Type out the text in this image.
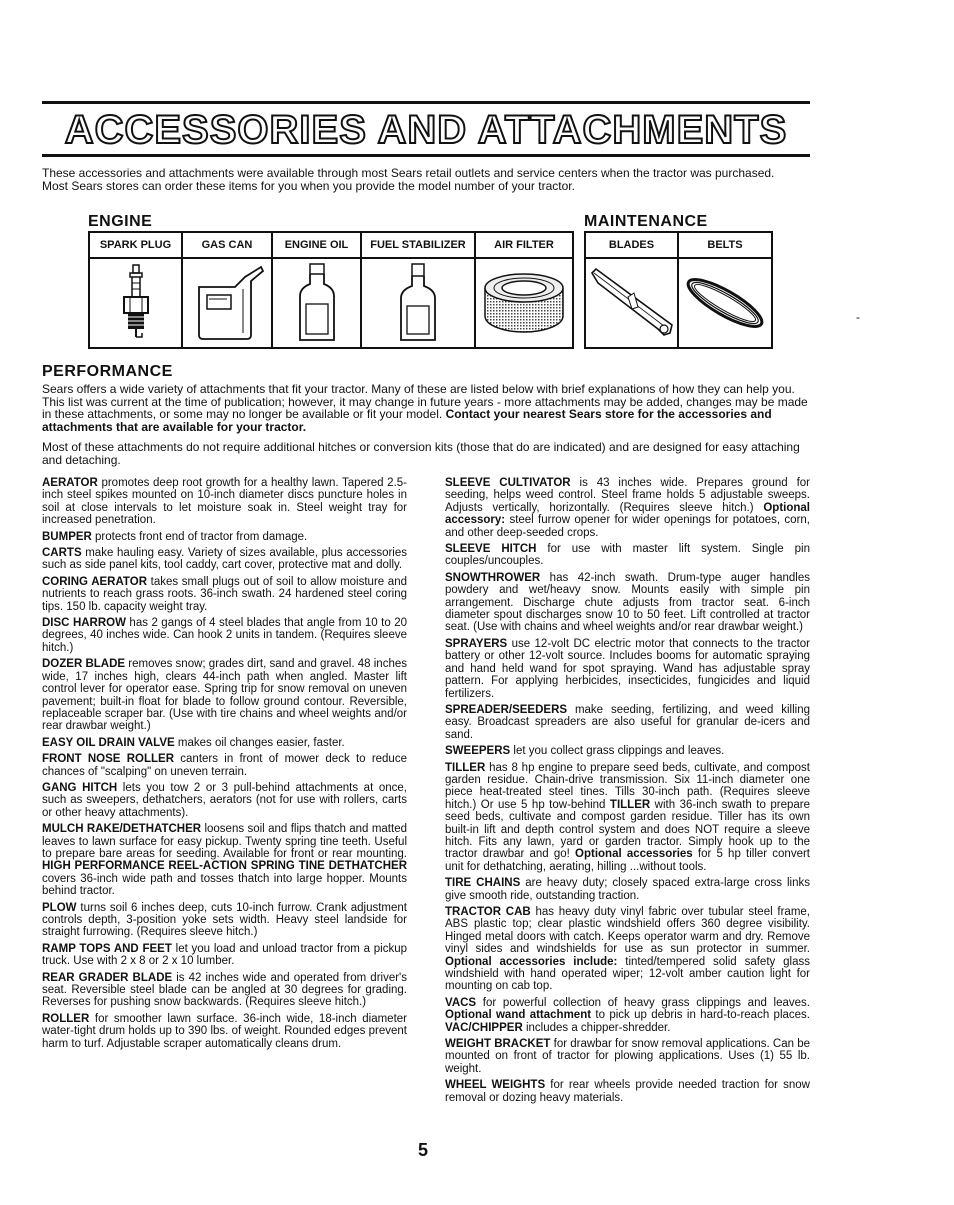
ACCESSORIES AND ATTACHMENTS
These accessories and attachments were available through most Sears retail outlets and service centers when the tractor was purchased.
Most Sears stores can order these items for you when you provide the model number of your tractor.
ENGINE	MAINTENANCE
SPARK PLUG	GAS CAN	ENGINE OIL	FUEL STABILIZER	AIR FILTER

		BLADES	BELTS

-
PERFORMANCE

Sears offers a wide variety of attachments that fit your tractor. Many of these are listed below with brief explanations of how they can help you. This list was current at the time of publication; however, it may change in future years - more attachments may be added, changes may be made in these attachments, or some may no longer be available or fit your model. Contact your nearest Sears store for the accessories and attachments that are available for your tractor.

Most of these attachments do not require additional hitches or conversion kits (those that do are indicated) and are designed for easy attaching and detaching.

AERATOR promotes deep root growth for a healthy lawn. Tapered 2.5-inch steel spikes mounted on 10-inch diameter discs puncture holes in soil at close intervals to let moisture soak in. Steel weight tray for increased penetration.

BUMPER protects front end of tractor from damage.

CARTS make hauling easy. Variety of sizes available, plus accessories such as side panel kits, tool caddy, cart cover, protective mat and dolly.

CORING AERATOR takes small plugs out of soil to allow moisture and nutrients to reach grass roots. 36-inch swath. 24 hardened steel coring tips. 150 lb. capacity weight tray.

DISC HARROW has 2 gangs of 4 steel blades that angle from 10 to 20 degrees, 40 inches wide. Can hook 2 units in tandem. (Requires sleeve hitch.)

DOZER BLADE removes snow; grades dirt, sand and gravel. 48 inches wide, 17 inches high, clears 44-inch path when angled. Master lift control lever for operator ease. Spring trip for snow removal on uneven pavement; built-in float for blade to follow ground contour. Reversible, replaceable scraper bar. (Use with tire chains and wheel weights and/or rear drawbar weight.)

EASY OIL DRAIN VALVE makes oil changes easier, faster.

FRONT NOSE ROLLER canters in front of mower deck to reduce chances of "scalping" on uneven terrain.

GANG HITCH lets you tow 2 or 3 pull-behind attachments at once, such as sweepers, dethatchers, aerators (not for use with rollers, carts or other heavy attachments).

MULCH RAKE/DETHATCHER loosens soil and flips thatch and matted leaves to lawn surface for easy pickup. Twenty spring tine teeth. Useful to prepare bare areas for seeding. Available for front or rear mounting. HIGH PERFORMANCE REEL-ACTION SPRING TINE DETHATCHER covers 36-inch wide path and tosses thatch into large hopper. Mounts behind tractor.

PLOW turns soil 6 inches deep, cuts 10-inch furrow. Crank adjustment controls depth, 3-position yoke sets width. Heavy steel landside for straight furrowing. (Requires sleeve hitch.)

RAMP TOPS AND FEET let you load and unload tractor from a pickup truck. Use with 2 x 8 or 2 x 10 lumber.

REAR GRADER BLADE is 42 inches wide and operated from driver's seat. Reversible steel blade can be angled at 30 degrees for grading. Reverses for pushing snow backwards. (Requires sleeve hitch.)

ROLLER for smoother lawn surface. 36-inch wide, 18-inch diameter water-tight drum holds up to 390 lbs. of weight. Rounded edges prevent harm to turf. Adjustable scraper automatically cleans drum.

SLEEVE CULTIVATOR is 43 inches wide. Prepares ground for seeding, helps weed control. Steel frame holds 5 adjustable sweeps. Adjusts vertically, horizontally. (Requires sleeve hitch.) Optional accessory: steel furrow opener for wider openings for potatoes, corn, and other deep-seeded crops.

SLEEVE HITCH for use with master lift system. Single pin couples/uncouples.

SNOWTHROWER has 42-inch swath. Drum-type auger handles powdery and wet/heavy snow. Mounts easily with simple pin arrangement. Discharge chute adjusts from tractor seat. 6-inch diameter spout discharges snow 10 to 50 feet. Lift controlled at tractor seat. (Use with chains and wheel weights and/or rear drawbar weight.)

SPRAYERS use 12-volt DC electric motor that connects to the tractor battery or other 12-volt source. Includes booms for automatic spraying and hand held wand for spot spraying. Wand has adjustable spray pattern. For applying herbicides, insecticides, fungicides and liquid fertilizers.

SPREADER/SEEDERS make seeding, fertilizing, and weed killing easy. Broadcast spreaders are also useful for granular de-icers and sand.

SWEEPERS let you collect grass clippings and leaves.

TILLER has 8 hp engine to prepare seed beds, cultivate, and compost garden residue. Chain-drive transmission. Six 11-inch diameter one piece heat-treated steel tines. Tills 30-inch path. (Requires sleeve hitch.) Or use 5 hp tow-behind TILLER with 36-inch swath to prepare seed beds, cultivate and compost garden residue. Tiller has its own built-in lift and depth control system and does NOT require a sleeve hitch. Fits any lawn, yard or garden tractor. Simply hook up to the tractor drawbar and go! Optional accessories for 5 hp tiller convert unit for dethatching, aerating, hilling ...without tools.

TIRE CHAINS are heavy duty; closely spaced extra-large cross links give smooth ride, outstanding traction.

TRACTOR CAB has heavy duty vinyl fabric over tubular steel frame, ABS plastic top; clear plastic windshield offers 360 degree visibility. Hinged metal doors with catch. Keeps operator warm and dry. Remove vinyl sides and windshields for use as sun protector in summer. Optional accessories include: tinted/tempered solid safety glass windshield with hand operated wiper; 12-volt amber caution light for mounting on cab top.

VACS for powerful collection of heavy grass clippings and leaves. Optional wand attachment to pick up debris in hard-to-reach places. VAC/CHIPPER includes a chipper-shredder.

WEIGHT BRACKET for drawbar for snow removal applications. Can be mounted on front of tractor for plowing applications. Uses (1) 55 lb. weight.

WHEEL WEIGHTS for rear wheels provide needed traction for snow removal or dozing heavy materials.

5
